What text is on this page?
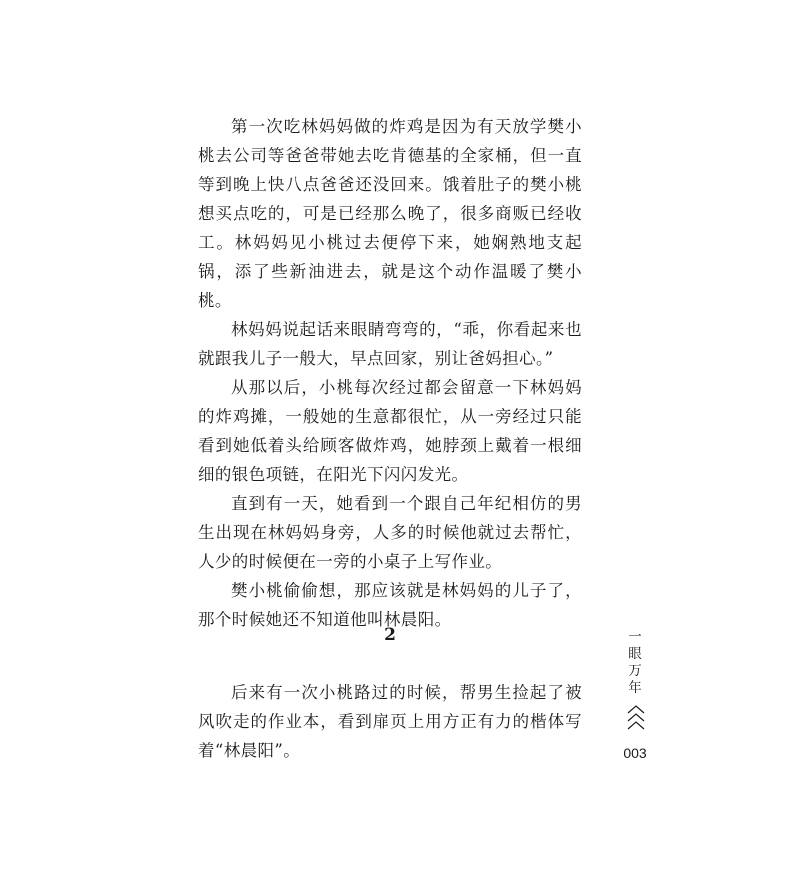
第一次吃林妈妈做的炸鸡是因为有天放学樊小桃去公司等爸爸带她去吃肯德基的全家桶，但一直等到晚上快八点爸爸还没回来。饿着肚子的樊小桃想买点吃的，可是已经那么晚了，很多商贩已经收工。林妈妈见小桃过去便停下来，她娴熟地支起锅，添了些新油进去，就是这个动作温暖了樊小桃。

林妈妈说起话来眼睛弯弯的，“乖，你看起来也就跟我儿子一般大，早点回家，别让爸妈担心。”

从那以后，小桃每次经过都会留意一下林妈妈的炸鸡摊，一般她的生意都很忙，从一旁经过只能看到她低着头给顾客做炸鸡，她脖颈上戴着一根细细的银色项链，在阳光下闪闪发光。

直到有一天，她看到一个跟自己年纪相仿的男生出现在林妈妈身旁，人多的时候他就过去帮忙，人少的时候便在一旁的小桌子上写作业。

樊小桃偷偷想，那应该就是林妈妈的儿子了，那个时候她还不知道他叫林晨阳。

2

后来有一次小桃路过的时候，帮男生捡起了被风吹走的作业本，看到扉页上用方正有力的楷体写着“林晨阳”。

一
眼
万
年
003
